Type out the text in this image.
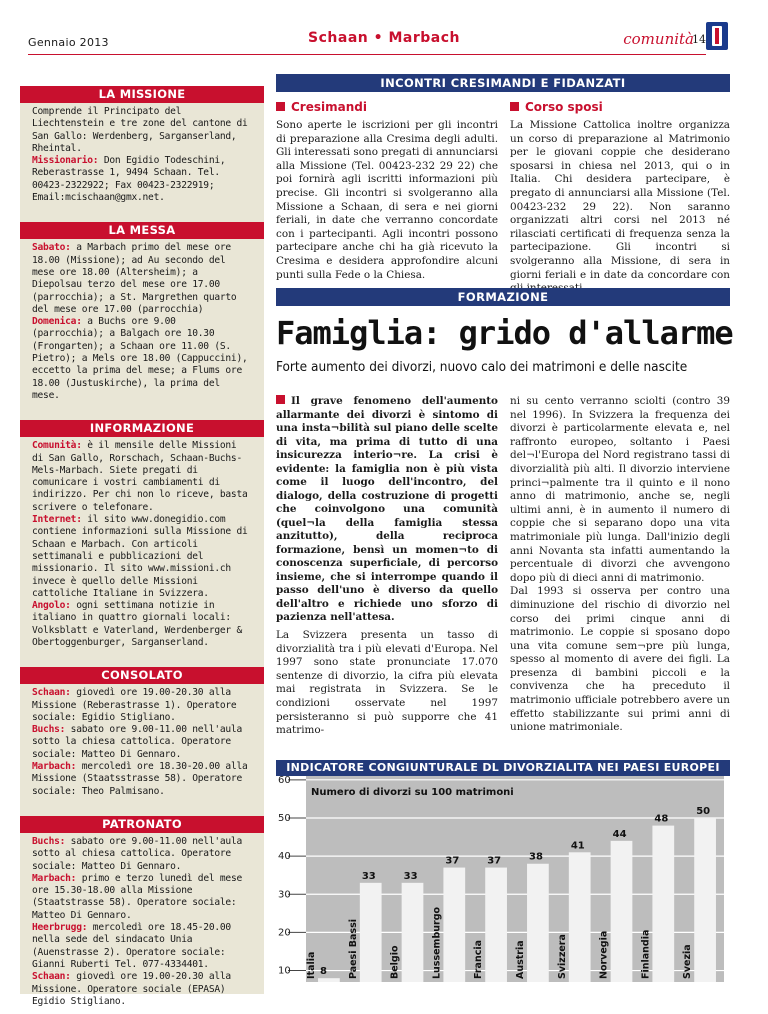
Gennaio 2013	Schaan • Marbach	comunità
14
LA MISSIONE

Comprende il Principato del Liechtenstein e tre zone del cantone di San Gallo: Werdenberg, Sarganserland, Rheintal.

Missionario: Don Egidio Todeschini, Reberastrasse 1, 9494 Schaan. Tel. 00423-2322922; Fax 00423-2322919; Email:mcischaan@gmx.net.

LA MESSA

Sabato: a Marbach primo del mese ore 18.00 (Missione); ad Au secondo del mese ore 18.00 (Altersheim); a Diepolsau terzo del mese ore 17.00 (parrocchia); a St. Margrethen quarto del mese ore 17.00 (parrocchia)

Domenica: a Buchs ore 9.00 (parrocchia); a Balgach ore 10.30 (Frongarten); a Schaan ore 11.00 (S. Pietro); a Mels ore 18.00 (Cappuccini), eccetto la prima del mese; a Flums ore 18.00 (Justuskirche), la prima del mese.

INFORMAZIONE

Comunità: è il mensile delle Missioni di San Gallo, Rorschach, Schaan-Buchs-Mels-Marbach. Siete pregati di comunicare i vostri cambiamenti di indirizzo. Per chi non lo riceve, basta scrivere o telefonare.

Internet: il sito www.donegidio.com contiene informazioni sulla Missione di Schaan e Marbach. Con articoli settimanali e pubblicazioni del missionario. Il sito www.missioni.ch invece è quello delle Missioni cattoliche Italiane in Svizzera.

Angolo: ogni settimana notizie in italiano in quattro giornali locali: Volksblatt e Vaterland, Werdenberger & Obertoggenburger, Sarganserland.

CONSOLATO

Schaan: giovedì ore 19.00-20.30 alla Missione (Reberastrasse 1). Operatore sociale: Egidio Stigliano.

Buchs: sabato ore 9.00-11.00 nell'aula sotto la chiesa cattolica. Operatore sociale: Matteo Di Gennaro.

Marbach: mercoledì ore 18.30-20.00 alla Missione (Staatsstrasse 58). Operatore sociale: Theo Palmisano.

PATRONATO

Buchs: sabato ore 9.00-11.00 nell'aula sotto al chiesa cattolica. Operatore sociale: Matteo Di Gennaro.

Marbach: primo e terzo lunedì del mese ore 15.30-18.00 alla Missione (Staatstrasse 58). Operatore sociale: Matteo Di Gennaro.

Heerbrugg: mercoledì ore 18.45-20.00 nella sede del sindacato Unia (Auenstrasse 2). Operatore sociale: Gianni Ruberti Tel. 077-4334401.

Schaan: giovedì ore 19.00-20.30 alla Missione. Operatore sociale (EPASA) Egidio Stigliano.

INCONTRI CRESIMANDI E FIDANZATI
Cresimandi
Sono aperte le iscrizioni per gli incontri di preparazione alla Cresima degli adulti. Gli interessati sono pregati di annunciarsi alla Missione (Tel. 00423-232 29 22) che poi fornirà agli iscritti informazioni più precise. Gli incontri si svolgeranno alla Missione a Schaan, di sera e nei giorni feriali, in date che verranno concordate con i partecipanti. Agli incontri possono partecipare anche chi ha già ricevuto la Cresima e desidera approfondire alcuni punti sulla Fede o la Chiesa.
Corso sposi
La Missione Cattolica inoltre organizza un corso di preparazione al Matrimonio per le giovani coppie che desiderano sposarsi in chiesa nel 2013, qui o in Italia. Chi desidera partecipare, è pregato di annunciarsi alla Missione (Tel. 00423-232 29 22). Non saranno organizzati altri corsi nel 2013 né rilasciati certificati di frequenza senza la partecipazione. Gli incontri si svolgeranno alla Missione, di sera in giorni feriali e in date da concordare con
FORMAZIONE
Famiglia: grido d'allarme
Forte aumento dei divorzi, nuovo calo dei matrimoni e delle nascite
Il grave fenomeno dell'aumento allarmante dei divorzi è sintomo di una insta¬bilità sul piano delle scelte di vita, ma prima di tutto di una insicurezza interio¬re. La crisi è evidente: la famiglia non è più vista come il luogo dell'incontro, del dialogo, della costruzione di progetti che coinvolgono una comunità (quel¬la della famiglia stessa anzitutto), della reciproca formazione, bensì un momen¬to di conoscenza superficiale, di percorso insieme, che si interrompe quando il passo dell'uno è diverso da quello dell'altro e richiede uno sforzo di pazienza nell'attesa.
La Svizzera presenta un tasso di divorzialità tra i più elevati d'Europa. Nel 1997 sono state pronunciate 17.070 sentenze di divorzio, la cifra più elevata mai registrata in Svizzera. Se le condizioni osservate nel 1997 persisteranno si può supporre che 41 matrimo-

ni su cento verranno sciolti (contro 39 nel 1996). In Svizzera la frequenza dei divorzi è particolarmente elevata e, nel raffronto europeo, soltanto i Paesi del¬l'Europa del Nord registrano tassi di divorzialità più alti. Il divorzio interviene princi¬palmente tra il quinto e il nono anno di matrimonio, anche se, negli ultimi anni, è in aumento il numero di coppie che si separano dopo una vita matrimoniale più lunga. Dall'inizio degli anni Novanta sta infatti aumentando la percentuale di divorzi che avvengono dopo più di dieci anni di matrimonio.

Dal 1993 si osserva per contro una diminuzione del rischio di divorzio nel corso dei primi cinque anni di matrimonio. Le coppie si sposano dopo una vita comune sem¬pre più lunga, spesso al momento di avere dei figli. La presenza di bambini piccoli e la convivenza che ha preceduto il matrimonio ufficiale potrebbero avere un effetto stabilizzante sui primi anni di unione matrimoniale.

INDICATORE CONGIUNTURALE DL DIVORZIALITA NEI PAESI EUROPEI
10
20
30
40
50
60
Numero di divorzi su 100 matrimoni
8
Italia
33
Paesi Bassi
33
Belgio
37
Lussemburgo
37
Francia
38
Austria
41
Svizzera
44
Norvegia
48
Finlandia
50
Svezia
